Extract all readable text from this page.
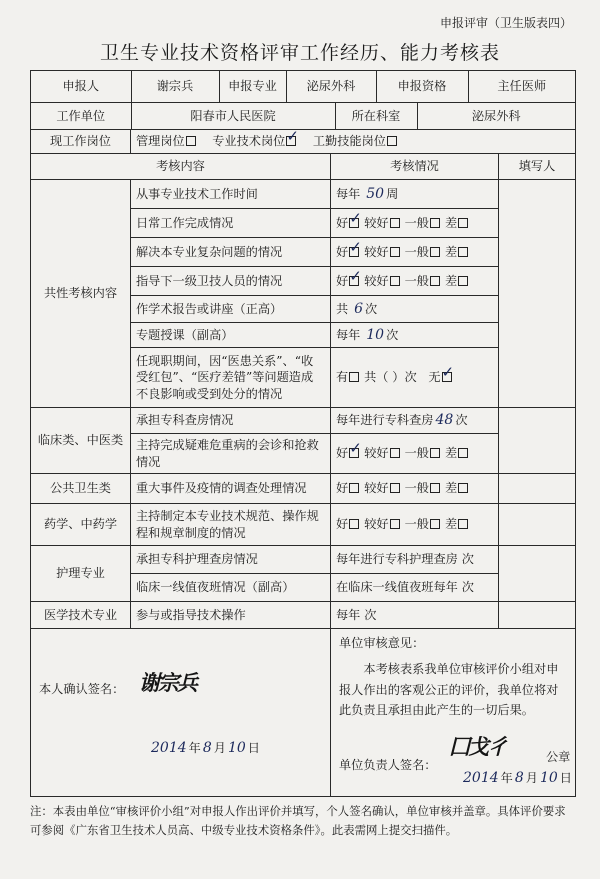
申报评审（卫生版表四）
卫生专业技术资格评审工作经历、能力考核表
申报人	谢宗兵	申报专业	泌尿外科	申报资格	主任医师

工作单位	阳春市人民医院	所在科室	泌尿外科

现工作岗位	管理岗位 专业技术岗位 ✓ 工勤技能岗位
考核内容	考核情况	填写人
共性考核内容	从事专业技术工作时间	每年 50 周	
日常工作完成情况	好 ✓ 较好 一般 差
解决本专业复杂问题的情况	好 ✓ 较好 一般 差
指导下一级卫技人员的情况	好 ✓ 较好 一般 差
作学术报告或讲座（正高）	共 6 次
专题授课（副高）	每年 10 次
任现职期间，因“医患关系”、“收受红包”、“医疗差错”等问题造成不良影响或受到处分的情况	有 共（ ）次 无✓
临床类、中医类	承担专科查房情况	每年进行专科查房 48 次	
主持完成疑难危重病的会诊和抢救情况	好 ✓ 较好 一般 差
公共卫生类	重大事件及疫情的调查处理情况	好 较好 一般 差	
药学、中药学	主持制定本专业技术规范、操作规程和规章制度的情况	好 较好 一般 差	
护理专业	承担专科护理查房情况	每年进行专科护理查房 次	
临床一线值夜班情况（副高）	在临床一线值夜班每年 次
医学技术专业	参与或指导技术操作	每年 次	

本人确认签名： 谢宗兵
2014 年 8 月 10 日

单位审核意见：
本考核表系我单位审核评价小组对申报人作出的客观公正的评价，我单位将对此负责且承担由此产生的一切后果。
单位负责人签名：
⼞⼽⼻	公章
2014 年 8 月 10 日
注：本表由单位“审核评价小组”对申报人作出评价并填写，个人签名确认，单位审核并盖章。具体评价要求可参阅《广东省卫生技术人员高、中级专业技术资格条件》。此表需网上提交扫描件。
